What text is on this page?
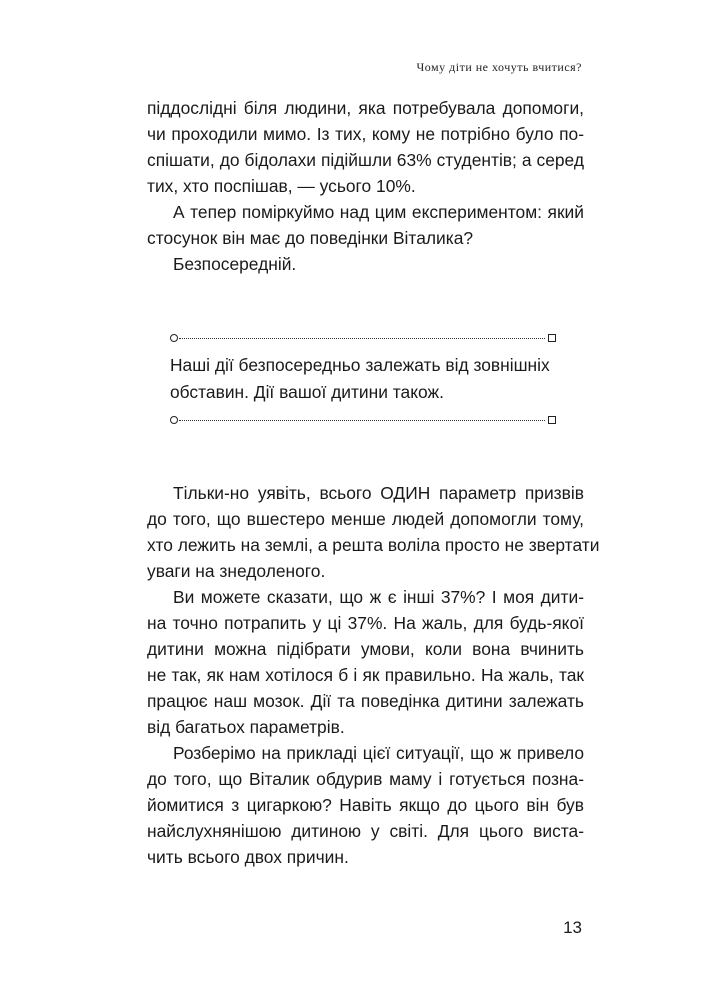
Чому діти не хочуть вчитися?
піддослідні біля людини, яка потребувала допомоги,
чи проходили мимо. Із тих, кому не потрібно було по-
спішати, до бідолахи підійшли 63% студентів; а серед
тих, хто поспішав, — усього 10%.
А тепер поміркуймо над цим експериментом: який
стосунок він має до поведінки Віталика?
Безпосередній.
Наші дії безпосередньо залежать від зовнішніх
обставин. Дії вашої дитини також.
Тільки-но уявіть, всього ОДИН параметр призвів
до того, що вшестеро менше людей допомогли тому,
хто лежить на землі, а решта воліла просто не звертати
уваги на знедоленого.
Ви можете сказати, що ж є інші 37%? І моя дити-
на точно потрапить у ці 37%. На жаль, для будь-якої
дитини можна підібрати умови, коли вона вчинить
не так, як нам хотілося б і як правильно. На жаль, так
працює наш мозок. Дії та поведінка дитини залежать
від багатьох параметрів.
Розберімо на прикладі цієї ситуації, що ж привело
до того, що Віталик обдурив маму і готується позна-
йомитися з цигаркою? Навіть якщо до цього він був
найслухнянішою дитиною у світі. Для цього виста-
чить всього двох причин.
13
